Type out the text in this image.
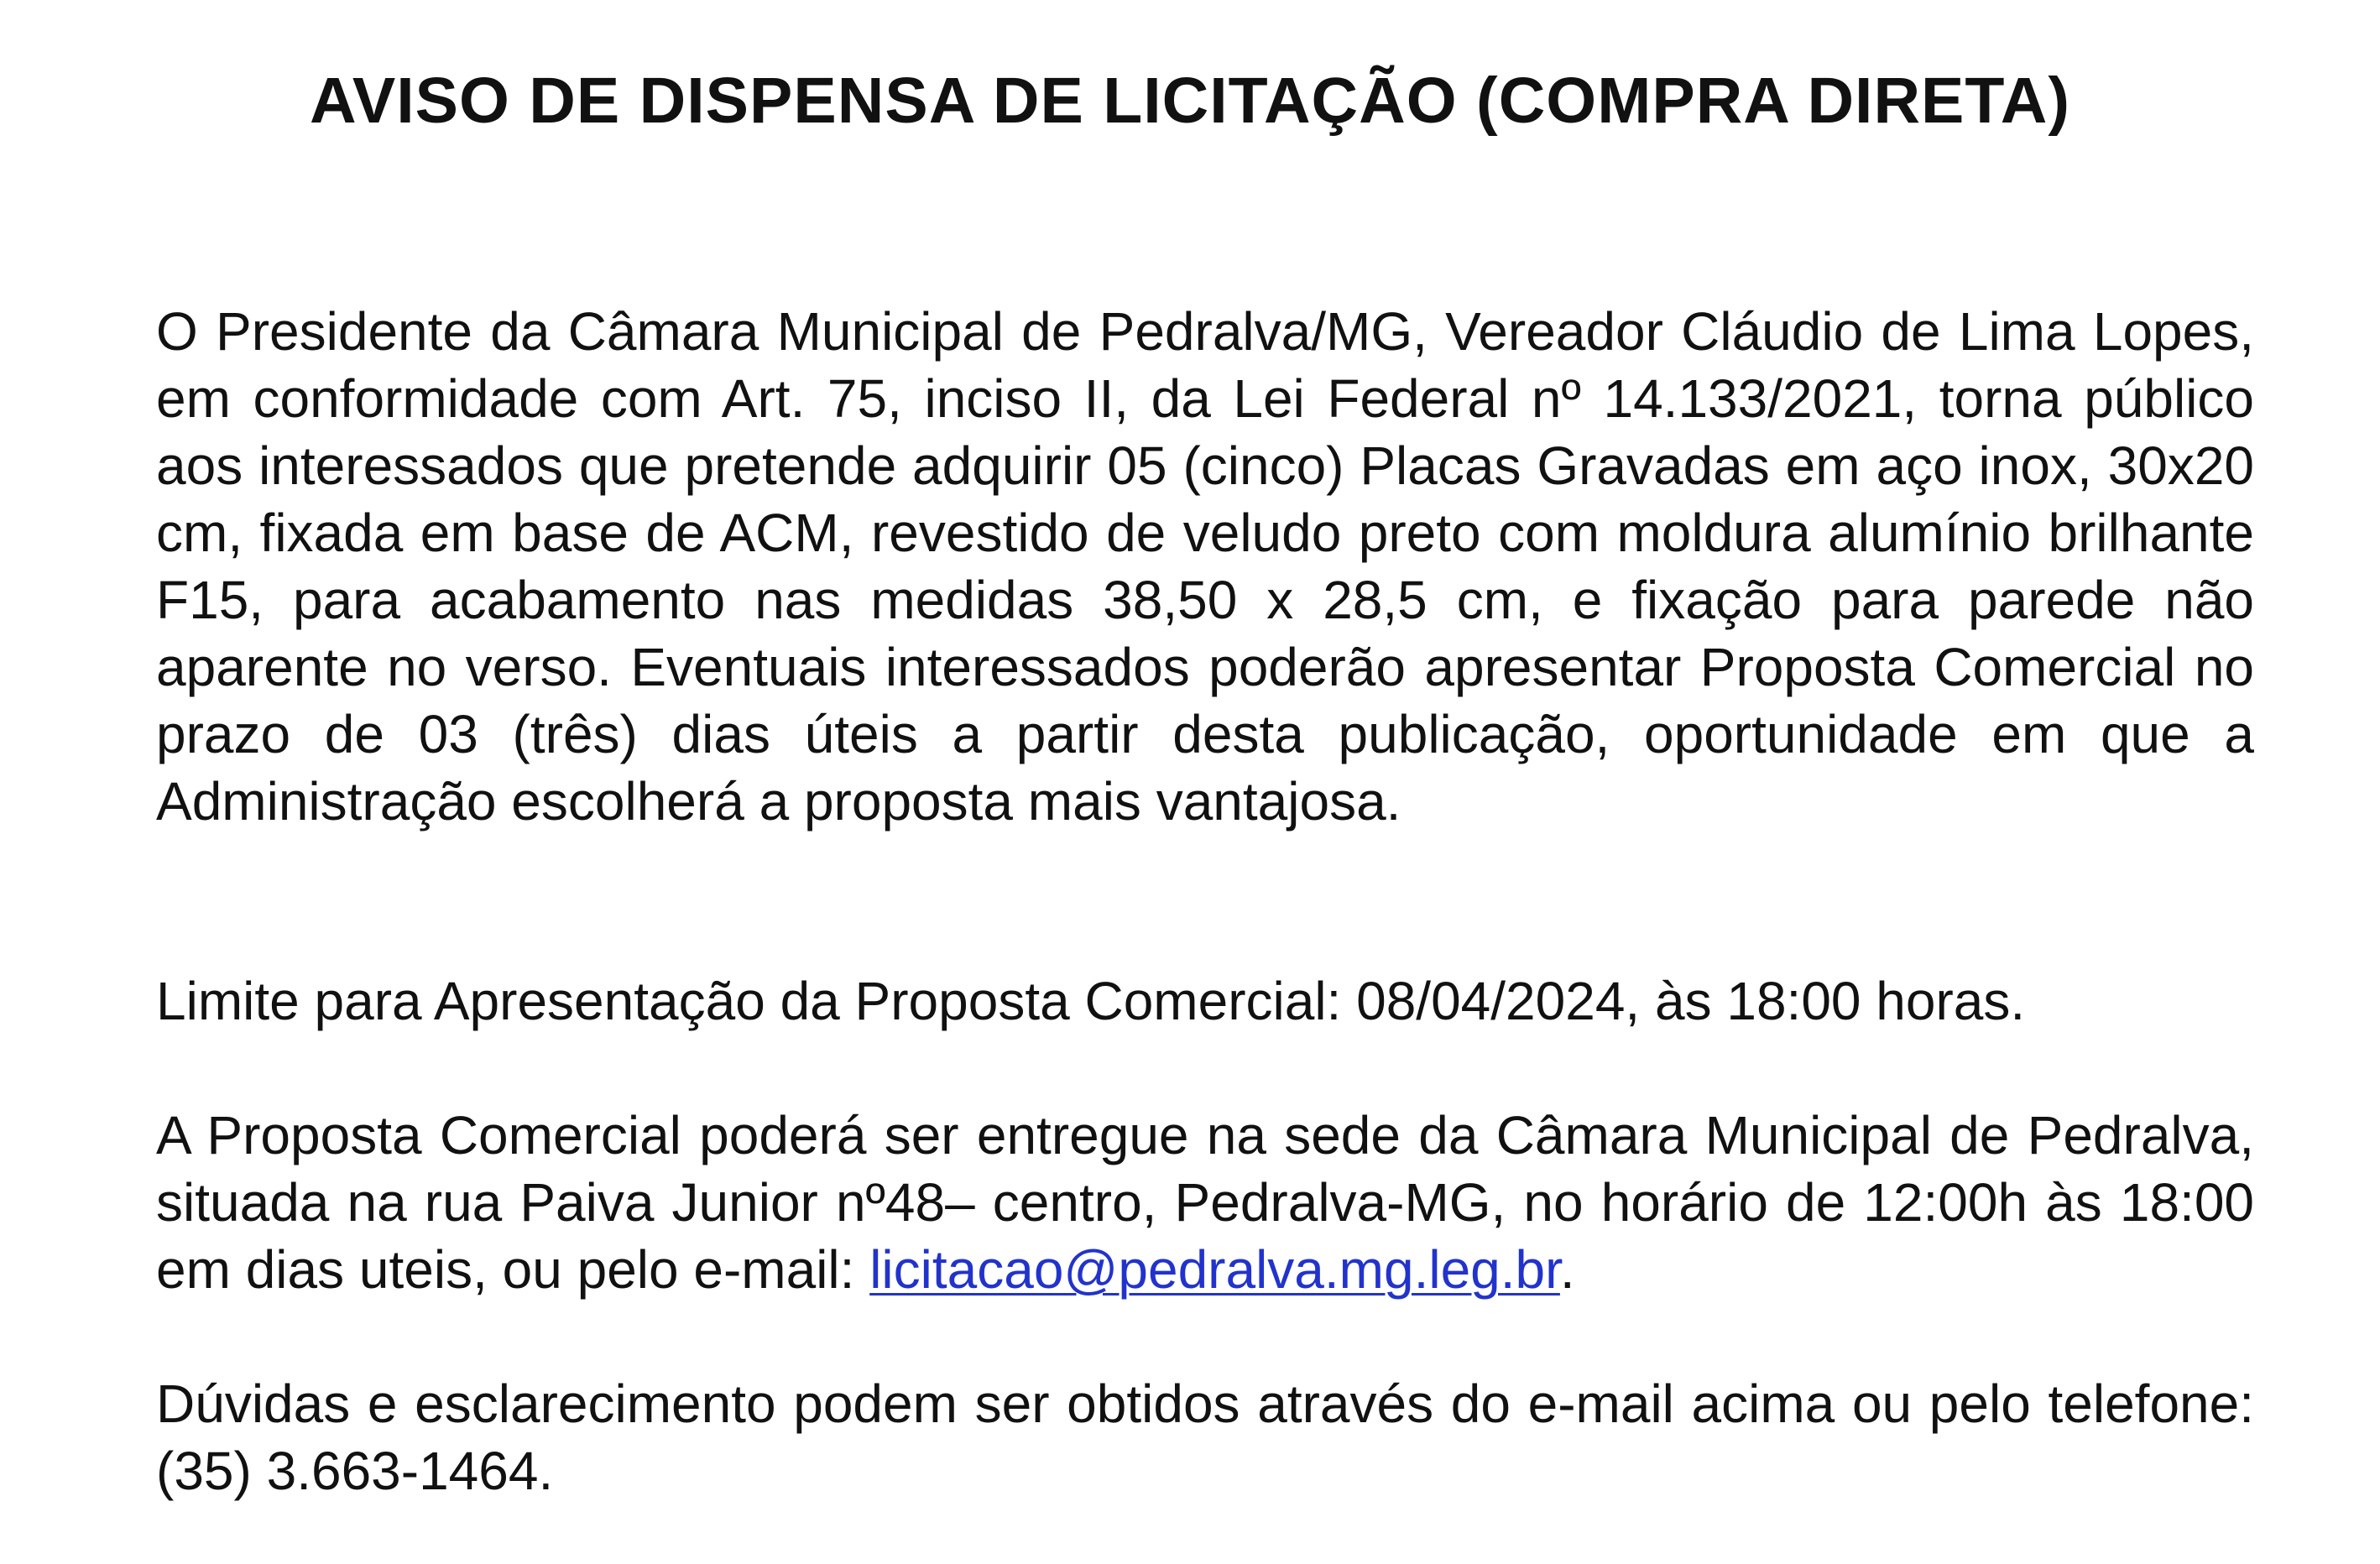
AVISO DE DISPENSA DE LICITAÇÃO (COMPRA DIRETA)

O Presidente da Câmara Municipal de Pedralva/MG, Vereador Cláudio de Lima Lopes, em conformidade com Art. 75, inciso II, da Lei Federal nº 14.133/2021, torna público aos interessados que pretende adquirir 05 (cinco) Placas Gravadas em aço inox, 30x20 cm, fixada em base de ACM, revestido de veludo preto com moldura alumínio brilhante F15, para acabamento nas medidas 38,50 x 28,5 cm, e fixação para parede não aparente no verso. Eventuais interessados poderão apresentar Proposta Comercial no prazo de 03 (três) dias úteis a partir desta publicação, oportunidade em que a Administração escolherá a proposta mais vantajosa.

Limite para Apresentação da Proposta Comercial: 08/04/2024, às 18:00 horas.

A Proposta Comercial poderá ser entregue na sede da Câmara Municipal de Pedralva, situada na rua Paiva Junior nº48– centro, Pedralva-MG, no horário de 12:00h às 18:00 em dias uteis, ou pelo e-mail: licitacao@pedralva.mg.leg.br.

Dúvidas e esclarecimento podem ser obtidos através do e-mail acima ou pelo telefone: (35) 3.663-1464.
